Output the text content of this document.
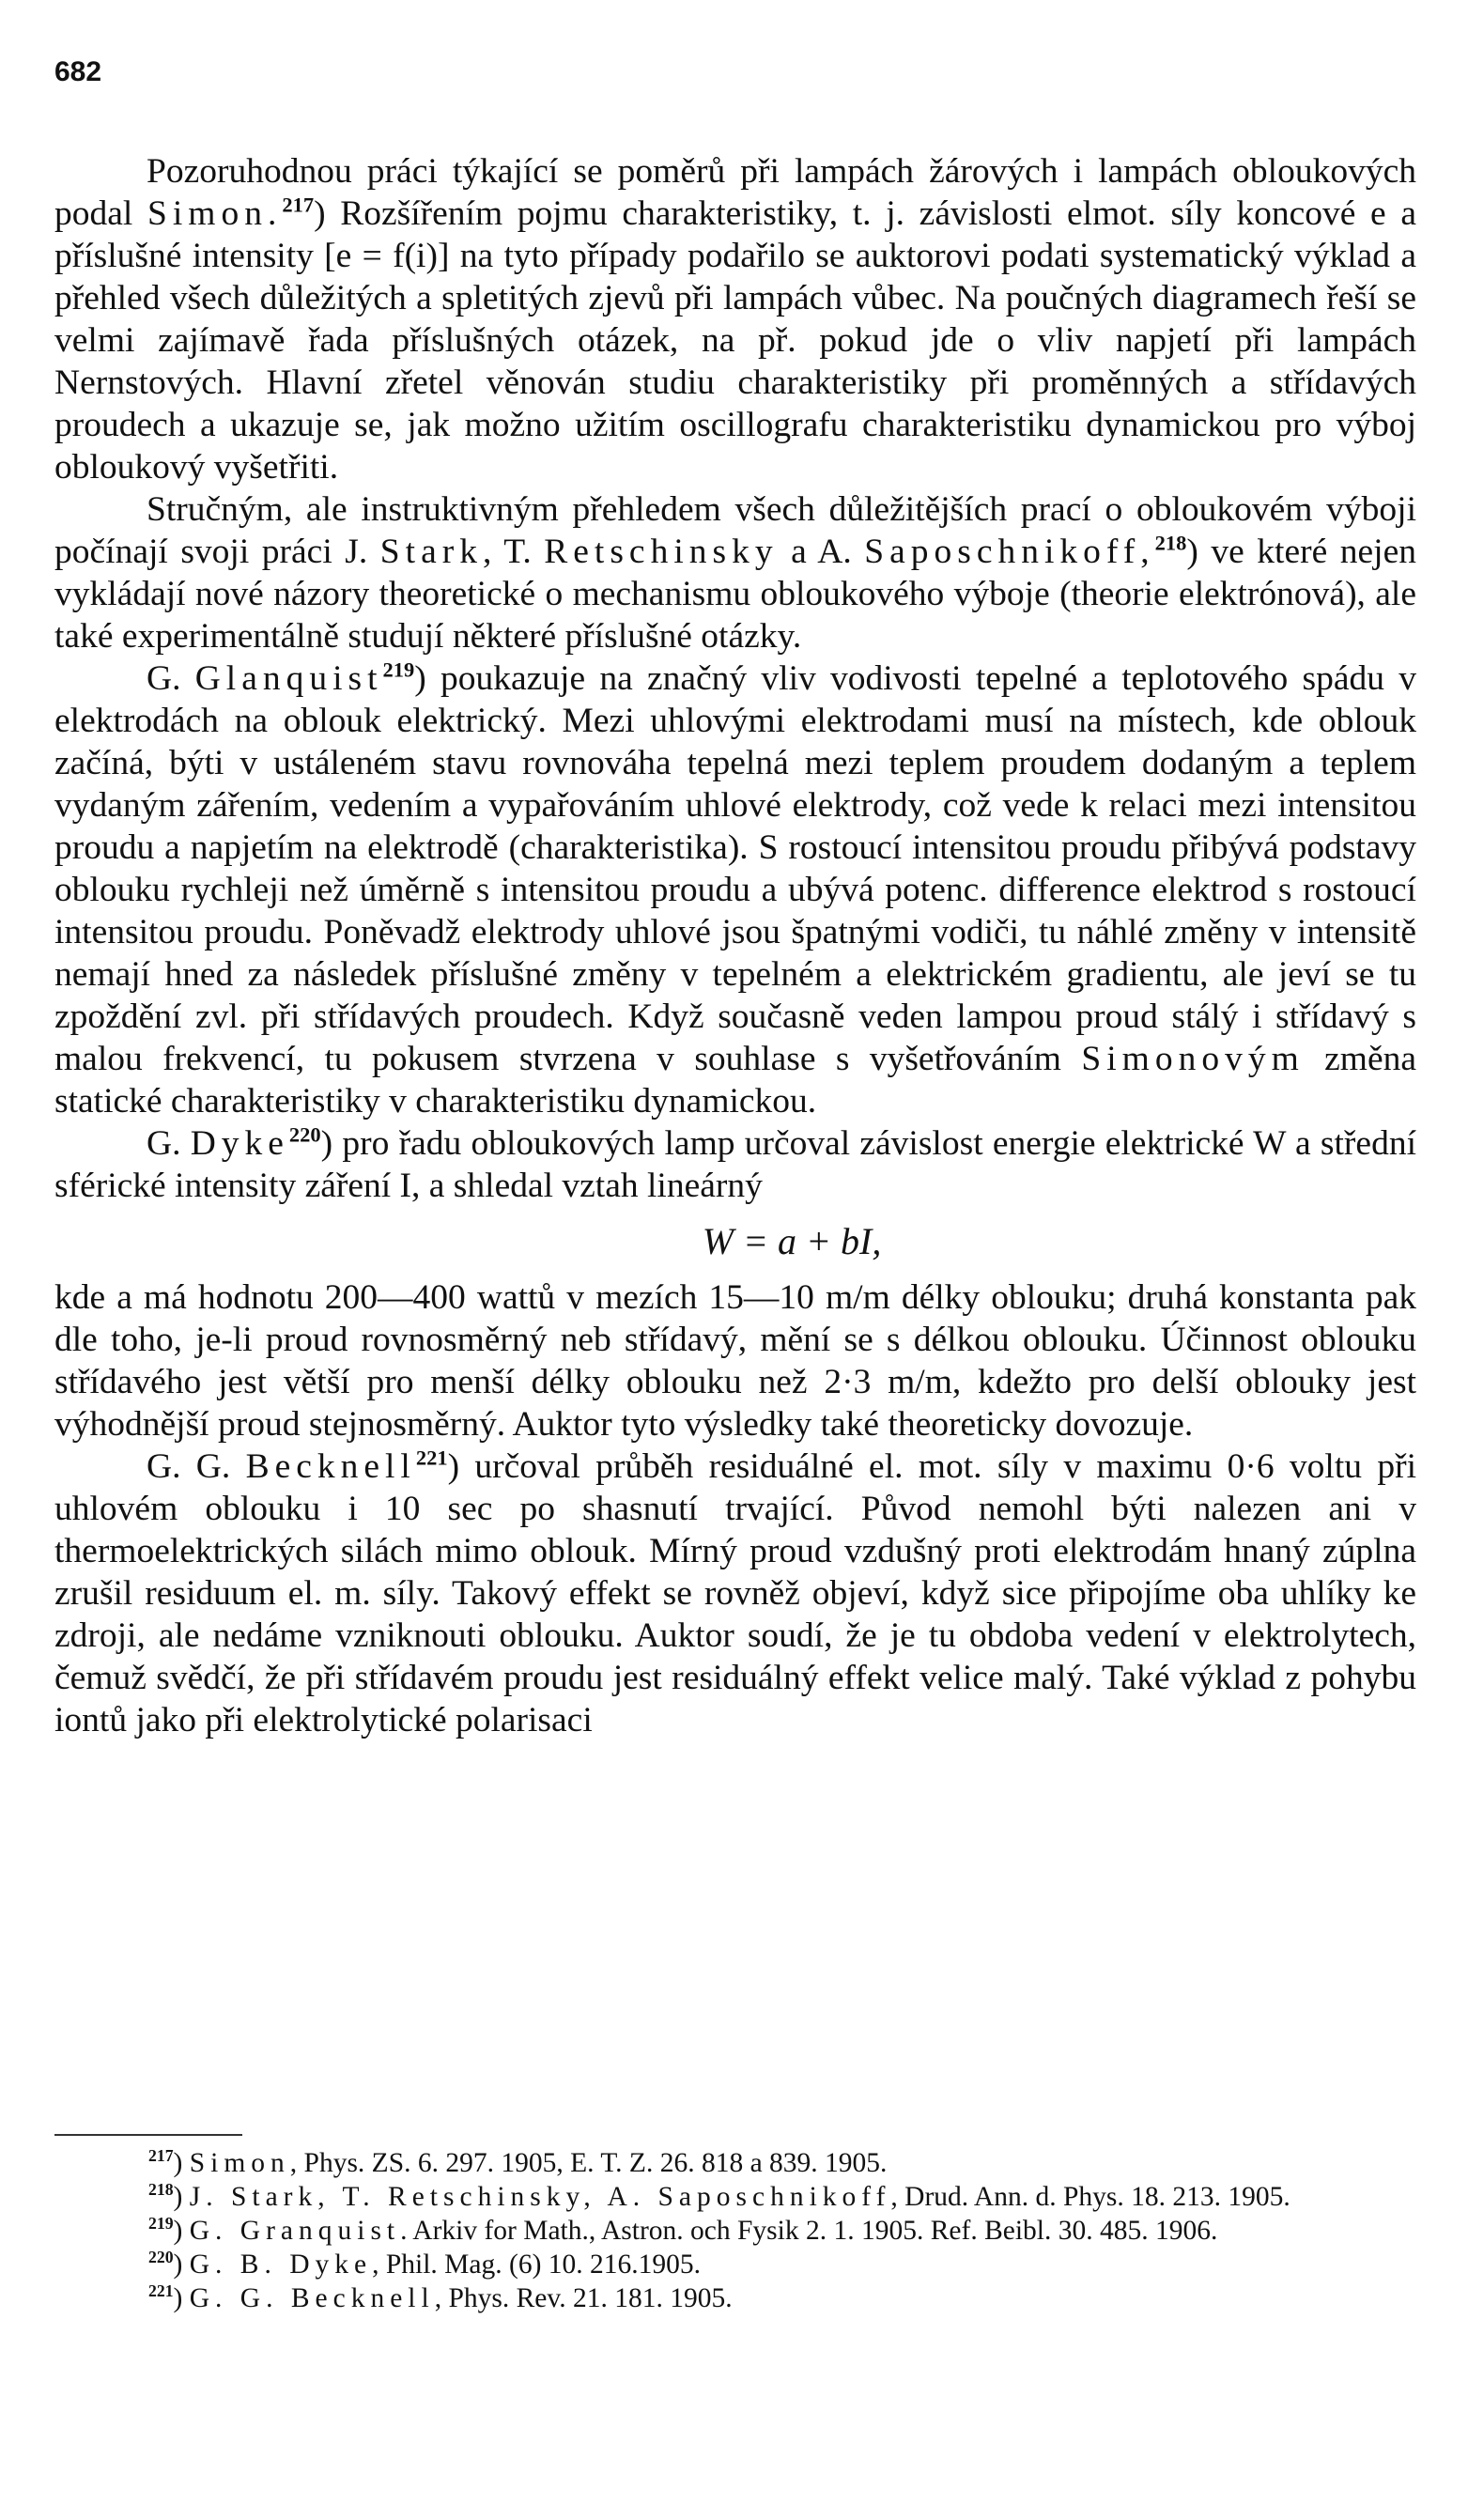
682

Pozoruhodnou práci týkající se poměrů při lampách žárových i lampách obloukových podal Simon.$^{217}$) Rozšířením pojmu charakteristiky, t. j. závislosti elmot. síly koncové e a příslušné intensity [e = f(i)] na tyto případy podařilo se auktorovi podati systematický výklad a přehled všech důležitých a spletitých zjevů při lampách vůbec. Na poučných diagramech řeší se velmi zajímavě řada příslušných otázek, na př. pokud jde o vliv napjetí při lampách Nernstových. Hlavní zřetel věnován studiu charakteristiky při proměnných a střídavých proudech a ukazuje se, jak možno užitím oscillografu charakteristiku dynamickou pro výboj obloukový vyšetřiti.

Stručným, ale instruktivným přehledem všech důležitějších prací o obloukovém výboji počínají svoji práci J. Stark, T. Retschinsky a A. Saposchnikoff,$^{218}$) ve které nejen vykládají nové názory theoretické o mechanismu obloukového výboje (theorie elektrónová), ale také experimentálně studují některé příslušné otázky.

G. Glanquist$^{219}$) poukazuje na značný vliv vodivosti tepelné a teplotového spádu v elektrodách na oblouk elektrický. Mezi uhlovými elektrodami musí na místech, kde oblouk začíná, býti v ustáleném stavu rovnováha tepelná mezi teplem proudem dodaným a teplem vydaným zářením, vedením a vypařováním uhlové elektrody, což vede k relaci mezi intensitou proudu a napjetím na elektrodě (charakteristika). S rostoucí intensitou proudu přibývá podstavy oblouku rychleji než úměrně s intensitou proudu a ubývá potenc. difference elektrod s rostoucí intensitou proudu. Poněvadž elektrody uhlové jsou špatnými vodiči, tu náhlé změny v intensitě nemají hned za následek příslušné změny v tepelném a elektrickém gradientu, ale jeví se tu zpoždění zvl. při střídavých proudech. Když současně veden lampou proud stálý i střídavý s malou frekvencí, tu pokusem stvrzena v souhlase s vyšetřováním Simonovým změna statické charakteristiky v charakteristiku dynamickou.

G. Dyke$^{220}$) pro řadu obloukových lamp určoval závislost energie elektrické W a střední sférické intensity záření I, a shledal vztah lineárný

W = a + bI,

kde a má hodnotu 200—400 wattů v mezích 15—10 m/m délky oblouku; druhá konstanta pak dle toho, je-li proud rovnosměrný neb střídavý, mění se s délkou oblouku. Účinnost oblouku střídavého jest větší pro menší délky oblouku než 2·3 m/m, kdežto pro delší oblouky jest výhodnější proud stejnosměrný. Auktor tyto výsledky také theoreticky dovozuje.

G. G. Becknell$^{221}$) určoval průběh residuálné el. mot. síly v maximu 0·6 voltu při uhlovém oblouku i 10 sec po shasnutí trvající. Původ nemohl býti nalezen ani v thermoelektrických silách mimo oblouk. Mírný proud vzdušný proti elektrodám hnaný zúplna zrušil residuum el. m. síly. Takový effekt se rovněž objeví, když sice připojíme oba uhlíky ke zdroji, ale nedáme vzniknouti oblouku. Auktor soudí, že je tu obdoba vedení v elektrolytech, čemuž svědčí, že při střídavém proudu jest residuálný effekt velice malý. Také výklad z pohybu iontů jako při elektrolytické polarisaci

$^{217}$) Simon, Phys. ZS. 6. 297. 1905, E. T. Z. 26. 818 a 839. 1905.

$^{218}$) J. Stark, T. Retschinsky, A. Saposchnikoff, Drud. Ann. d. Phys. 18. 213. 1905.

$^{219}$) G. Granquist. Arkiv for Math., Astron. och Fysik 2. 1. 1905. Ref. Beibl. 30. 485. 1906.

$^{220}$) G. B. Dyke, Phil. Mag. (6) 10. 216.1905.

$^{221}$) G. G. Becknell, Phys. Rev. 21. 181. 1905.
